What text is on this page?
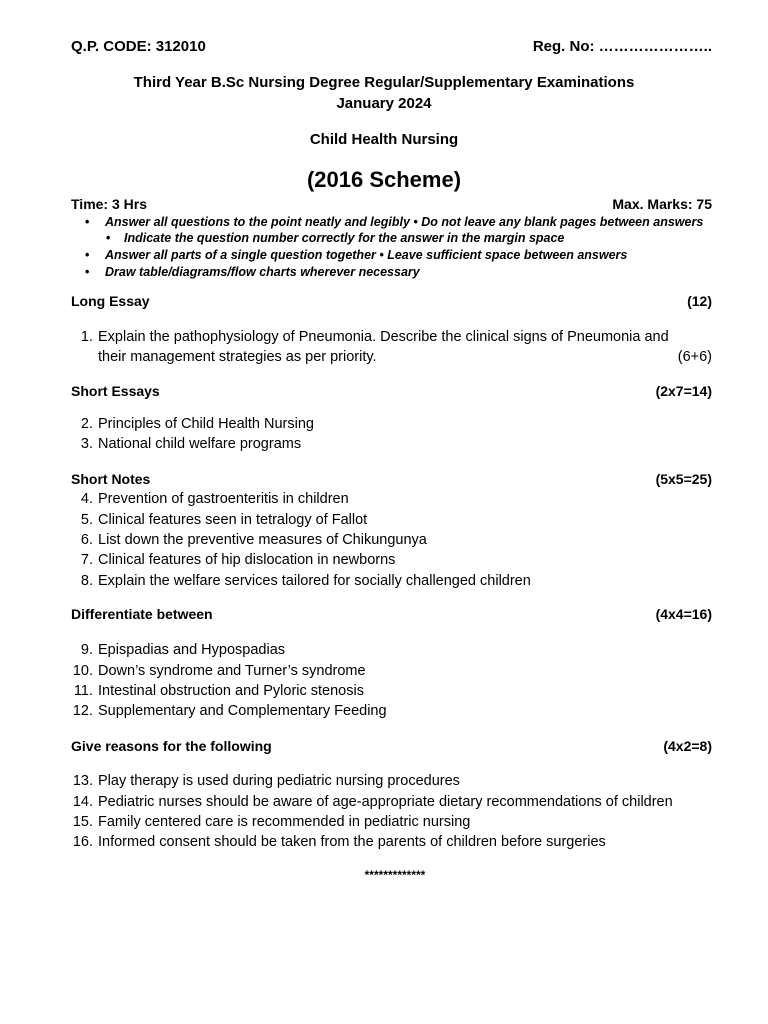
Q.P. CODE: 312010	Reg. No: …………………..
Third Year B.Sc Nursing Degree Regular/Supplementary Examinations
January 2024
Child Health Nursing
(2016 Scheme)
Time: 3 Hrs	Max. Marks: 75
• Answer all questions to the point neatly and legibly • Do not leave any blank pages between answers
• Indicate the question number correctly for the answer in the margin space
• Answer all parts of a single question together • Leave sufficient space between answers
• Draw table/diagrams/flow charts wherever necessary
Long Essay	(12)
1. Explain the pathophysiology of Pneumonia. Describe the clinical signs of Pneumonia and
their management strategies as per priority.	(6+6)
Short Essays	(2x7=14)
2. Principles of Child Health Nursing
3. National child welfare programs
Short Notes	(5x5=25)
4. Prevention of gastroenteritis in children
5. Clinical features seen in tetralogy of Fallot
6. List down the preventive measures of Chikungunya
7. Clinical features of hip dislocation in newborns
8. Explain the welfare services tailored for socially challenged children
Differentiate between	(4x4=16)
9. Epispadias and Hypospadias
10. Down’s syndrome and Turner’s syndrome
11. Intestinal obstruction and Pyloric stenosis
12. Supplementary and Complementary Feeding
Give reasons for the following	(4x2=8)
13. Play therapy is used during pediatric nursing procedures
14. Pediatric nurses should be aware of age-appropriate dietary recommendations of children
15. Family centered care is recommended in pediatric nursing
16. Informed consent should be taken from the parents of children before surgeries
*************
